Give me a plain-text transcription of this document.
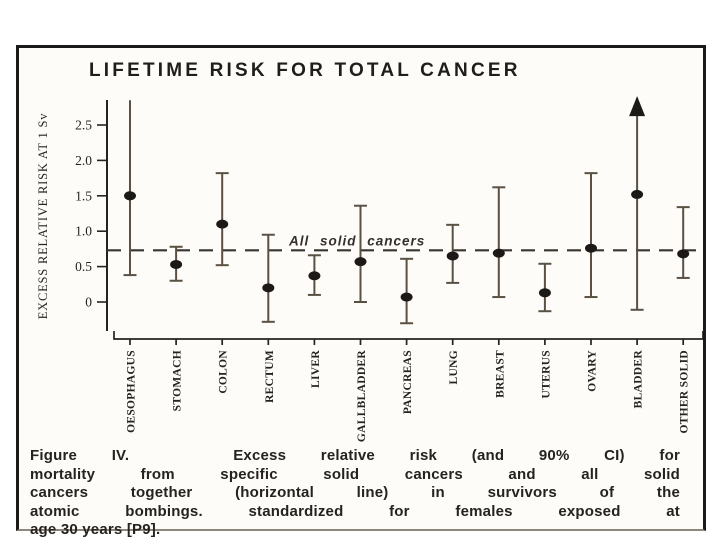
LIFETIME RISK FOR TOTAL CANCER
0
0.5
1.0
1.5
2.0
2.5
EXCESS RELATIVE RISK AT 1 Sv	All solid cancers
OESOPHAGUS	STOMACH	COLON	RECTUM	LIVER	GALLBLADDER	PANCREAS	LUNG	BREAST	UTERUS	OVARY	BLADDER	OTHER SOLID
Figure IV.   Excess relative risk (and 90% CI) for
mortality from specific solid cancers and all solid
cancers together (horizontal line) in survivors of the
atomic bombings. standardized for females exposed at
age 30 years [P9].
